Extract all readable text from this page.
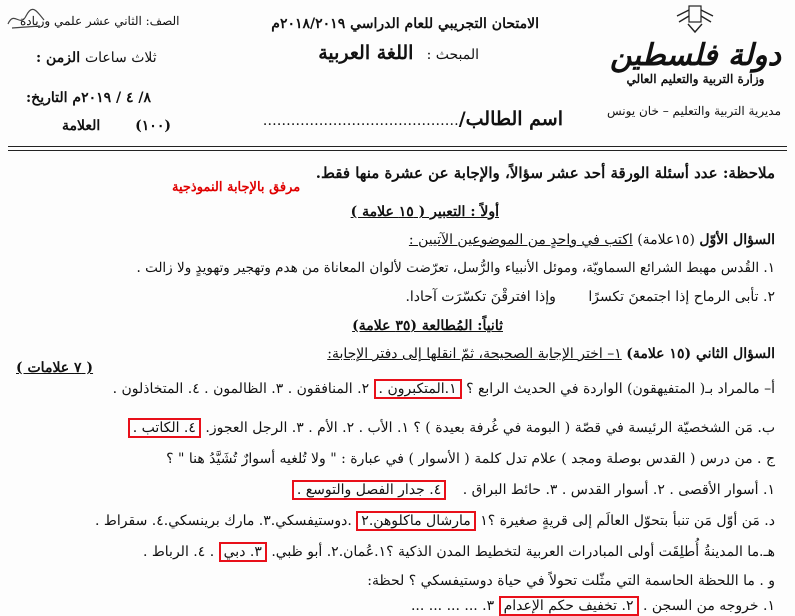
دولة فلسطين
وزارة التربية والتعليم العالي
مديرية التربية والتعليم – خان يونس
الامتحان التجريبي للعام الدراسي ٢٠١٨/٢٠١٩م
المبحث : اللغة العربية
اسم الطالب/……………………………………
الصف: الثاني عشر علمي وريادة
ثلاث ساعات الزمن :
٨/ ٤ / ٢٠١٩م التاريخ:
(١٠٠) العلامة
ملاحظة: عدد أسئلة الورقة أحد عشر سؤالاً، والإجابة عن عشرة منها فقط.
مرفق بالإجابة النموذجية
أولاً : التعبير ( ١٥ علامة )
السؤال الأوّل (١٥علامة) اكتب في واحدٍ من الموضوعين الآتيين :
١. القُدس مهبط الشرائع السماويّة، وموئل الأنبياء والرُّسل، تعرّضت لألوان المعاناة من هدم وتهجير وتهويدٍ ولا زالت .
٢. تأبى الرماح إذا اجتمعنَ تكسرًا وإذا افترقْنَ تكسّرَت آحادا.
ثانياً: المُطالعة (٣٥ علامة)
السؤال الثاني (١٥ علامة) ١– اختر الإجابة الصحيحة، ثمّ انقلها إلى دفتر الإجابة:
( ٧ علامات )
أ– مالمراد بـ( المتفيهقون) الواردة في الحديث الرابع ؟ ١.المتكبرون . ٢. المنافقون . ٣. الظالمون . ٤. المتخاذلون .
ب. مَن الشخصيّة الرئيسة في قصّة ( البومة في غُرفة بعيدة ) ؟ ١. الأب . ٢. الأم . ٣. الرجل العجوز. ٤. الكاتب .
ج . من درس ( القدس بوصلة ومجد ) علام تدل كلمة ( الأسوار ) في عبارة : " ولا تُلغيه أسوارٌ تُشَيَّدُ هنا " ؟
١. أسوار الأقصى . ٢. أسوار القدس . ٣. حائط البراق . ٤. جدار الفصل والتوسع .
د. مَن أوّل مَن تنبأ بتحوّل العالَم إلى قريةٍ صغيرة ؟١ مارشال ماكلوهن.٢ .دوستيفسكي.٣. مارك برينسكي.٤. سقراط .
هـ.ما المدينةُ أُطلِقَت أولى المبادرات العربية لتخطيط المدن الذكية ؟١.عُمان.٢. أبو ظبي. ٣. دبي . ٤. الرباط .
و . ما اللحظة الحاسمة التي مثّلت تحولاً في حياة دوستيفسكي ؟ لحظة:
١. خروجه من السجن . ٢. تخفيف حكم الإعدام ٣. ... ... ... ...
